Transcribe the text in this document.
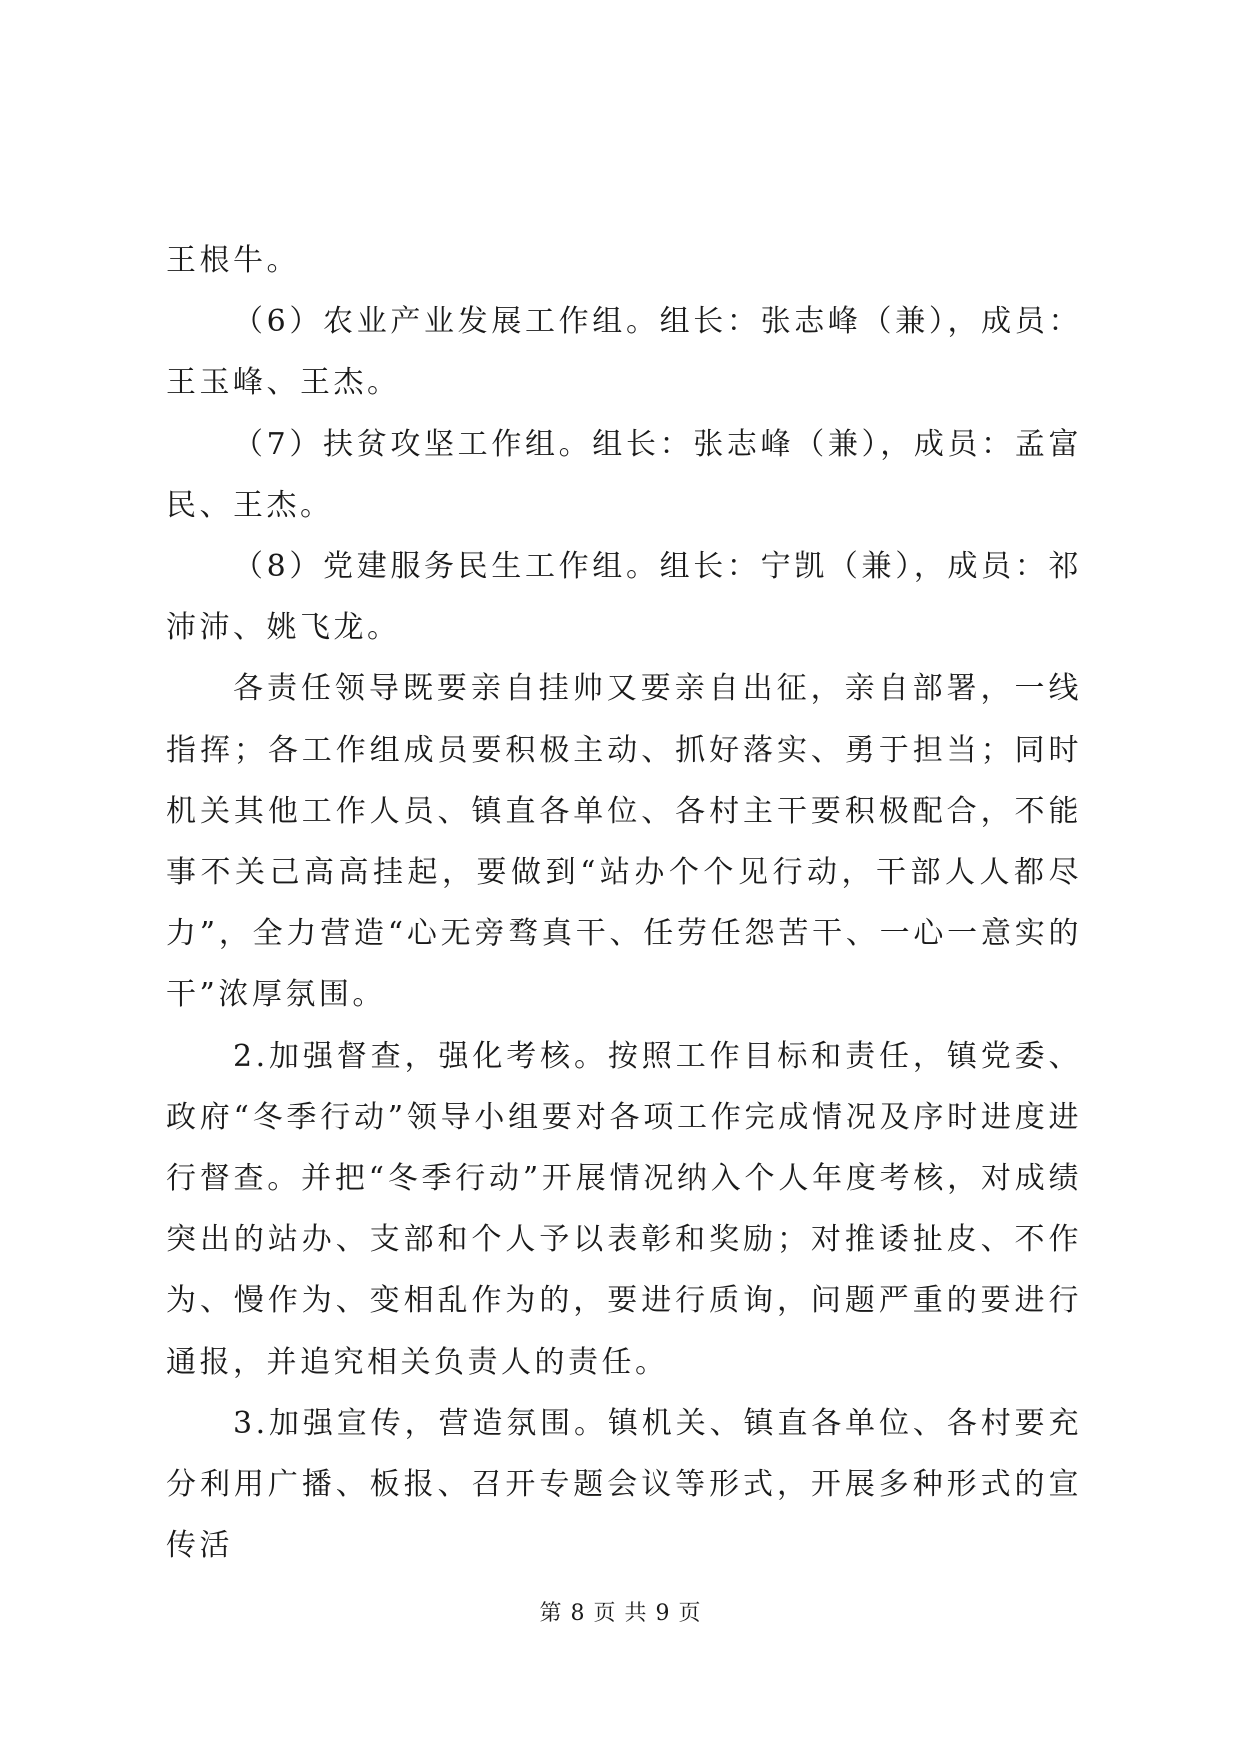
王根牛。

（6）农业产业发展工作组。组长：张志峰（兼），成员：王玉峰、王杰。

（7）扶贫攻坚工作组。组长：张志峰（兼），成员：孟富民、王杰。

（8）党建服务民生工作组。组长：宁凯（兼），成员：祁沛沛、姚飞龙。

各责任领导既要亲自挂帅又要亲自出征，亲自部署，一线指挥；各工作组成员要积极主动、抓好落实、勇于担当；同时机关其他工作人员、镇直各单位、各村主干要积极配合，不能事不关己高高挂起，要做到“站办个个见行动，干部人人都尽力”，全力营造“心无旁骛真干、任劳任怨苦干、一心一意实的干”浓厚氛围。

2.加强督查，强化考核。按照工作目标和责任，镇党委、政府“冬季行动”领导小组要对各项工作完成情况及序时进度进行督查。并把“冬季行动”开展情况纳入个人年度考核，对成绩突出的站办、支部和个人予以表彰和奖励；对推诿扯皮、不作为、慢作为、变相乱作为的，要进行质询，问题严重的要进行通报，并追究相关负责人的责任。

3.加强宣传，营造氛围。镇机关、镇直各单位、各村要充分利用广播、板报、召开专题会议等形式，开展多种形式的宣传活

第 8 页 共 9 页
